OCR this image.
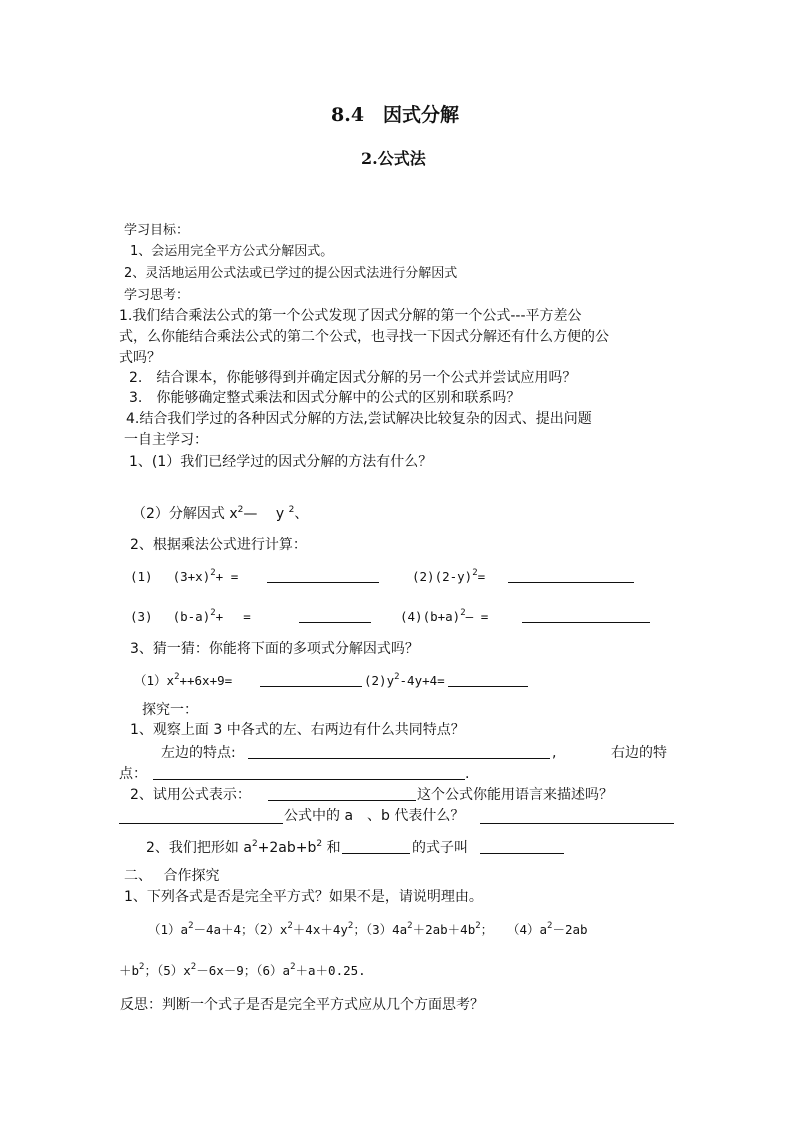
8.4　因式分解
2.公式法
学习目标：
1、会运用完全平方公式分解因式。
2、灵活地运用公式法或已学过的提公因式法进行分解因式
学习思考：
1.我们结合乘法公式的第一个公式发现了因式分解的第一个公式---平方差公
式，么你能结合乘法公式的第二个公式，也寻找一下因式分解还有什么方便的公
式吗？
2.　结合课本，你能够得到并确定因式分解的另一个公式并尝试应用吗？
3.　你能够确定整式乘法和因式分解中的公式的区别和联系吗？
4.结合我们学过的各种因式分解的方法,尝试解决比较复杂的因式、提出问题
一自主学习：
1、(1）我们已经学过的因式分解的方法有什么？
（2）分解因式 $x^2—$　 y $^2$、
2、根据乘法公式进行计算：
(1)　 $(3+x)^2+$ =	$(2)(2-y)^2=$
(3)　 $(b-a)^2+$　 =	$(4)(b+a)^2—$ =
3、猜一猜：你能将下面的多项式分解因式吗？
$(1)x^2++6x+9=$	$(2)y^2-4y+4=$
探究一：
1、观察上面 3 中各式的左、右两边有什么共同特点？
左边的特点:	,	右边的特
点：	.
2、试用公式表示：	这个公式你能用语言来描述吗？
公式中的 a　、b 代表什么？
2、我们把形如 $a^2+2ab+b^2$ 和	的式子叫
二、　 合作探究
1、下列各式是否是完全平方式？如果不是，请说明理由。
$(1)a^2-4a+4$；$(2)x^2+4x+4y^2$；$(3)4a^2+2ab+4b^2$；　 $(4)a^2-2ab$
$+b^2$；$(5)x^2-6x-9$；$(6)a^2+a+0.25$.
反思：判断一个式子是否是完全平方式应从几个方面思考？
